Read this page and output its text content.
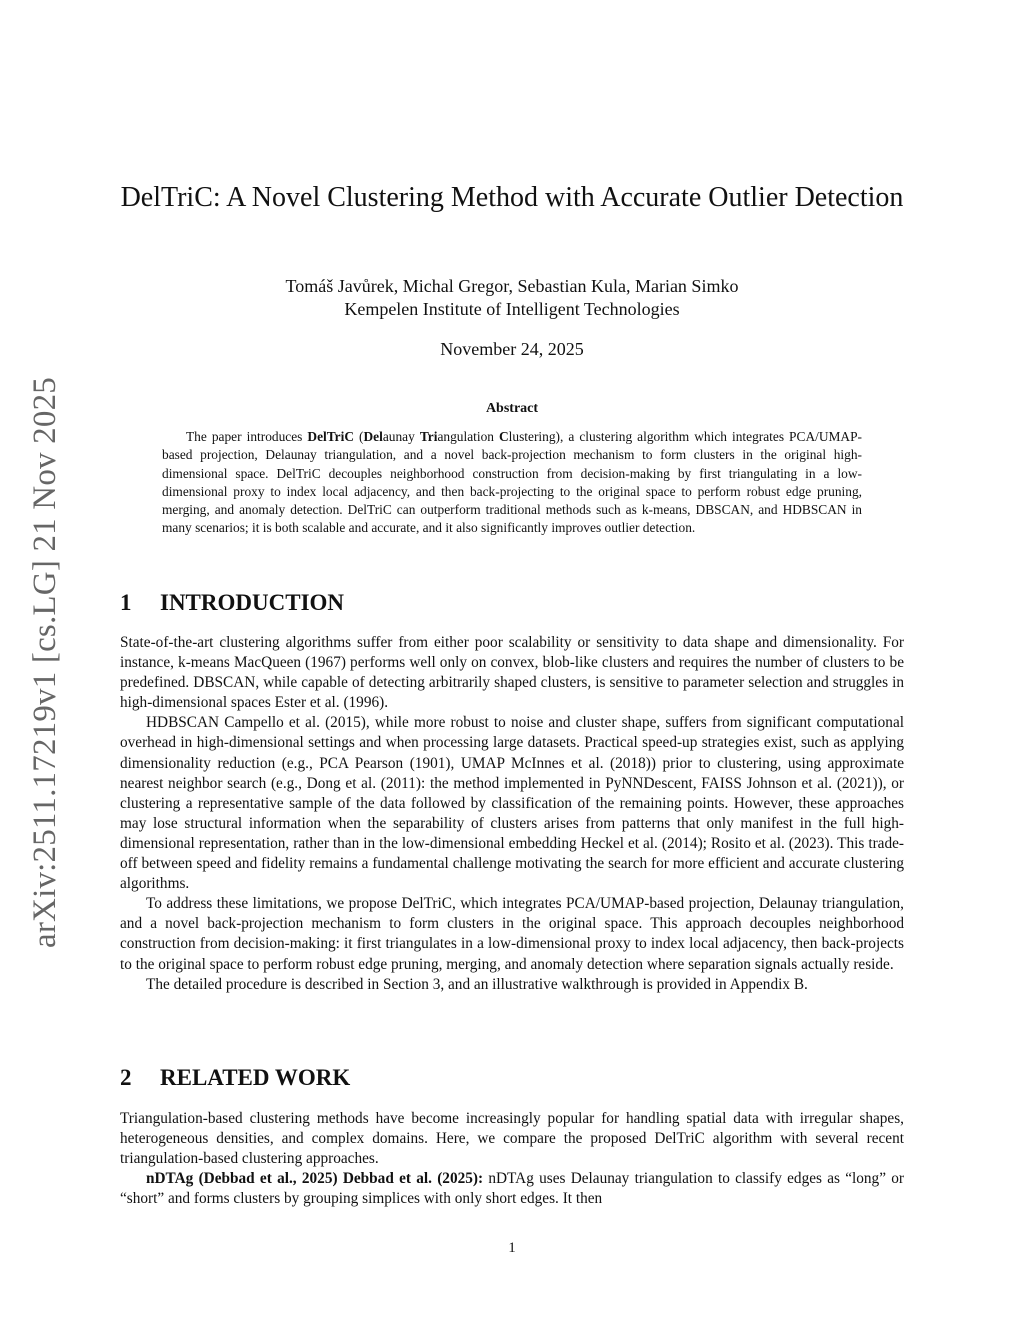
arXiv:2511.17219v1 [cs.LG] 21 Nov 2025
DelTriC: A Novel Clustering Method with Accurate Outlier Detection
Tomáš Javůrek, Michal Gregor, Sebastian Kula, Marian Simko
Kempelen Institute of Intelligent Technologies
November 24, 2025
Abstract

The paper introduces DelTriC (Delaunay Triangulation Clustering), a clustering algorithm which integrates PCA/UMAP-based projection, Delaunay triangulation, and a novel back-projection mechanism to form clusters in the original high-dimensional space. DelTriC decouples neighborhood construction from decision-making by first triangulating in a low-dimensional proxy to index local adjacency, and then back-projecting to the original space to perform robust edge pruning, merging, and anomaly detection. DelTriC can outperform traditional methods such as k-means, DBSCAN, and HDBSCAN in many scenarios; it is both scalable and accurate, and it also significantly improves outlier detection.

1 INTRODUCTION

State-of-the-art clustering algorithms suffer from either poor scalability or sensitivity to data shape and dimensionality. For instance, k-means MacQueen (1967) performs well only on convex, blob-like clusters and requires the number of clusters to be predefined. DBSCAN, while capable of detecting arbitrarily shaped clusters, is sensitive to parameter selection and struggles in high-dimensional spaces Ester et al. (1996).

HDBSCAN Campello et al. (2015), while more robust to noise and cluster shape, suffers from significant computational overhead in high-dimensional settings and when processing large datasets. Practical speed-up strategies exist, such as applying dimensionality reduction (e.g., PCA Pearson (1901), UMAP McInnes et al. (2018)) prior to clustering, using approximate nearest neighbor search (e.g., Dong et al. (2011): the method implemented in PyNNDescent, FAISS Johnson et al. (2021)), or clustering a representative sample of the data followed by classification of the remaining points. However, these approaches may lose structural information when the separability of clusters arises from patterns that only manifest in the full high-dimensional representation, rather than in the low-dimensional embedding Heckel et al. (2014); Rosito et al. (2023). This trade-off between speed and fidelity remains a fundamental challenge motivating the search for more efficient and accurate clustering algorithms.

To address these limitations, we propose DelTriC, which integrates PCA/UMAP-based projection, Delaunay triangulation, and a novel back-projection mechanism to form clusters in the original space. This approach decouples neighborhood construction from decision-making: it first triangulates in a low-dimensional proxy to index local adjacency, then back-projects to the original space to perform robust edge pruning, merging, and anomaly detection where separation signals actually reside.

The detailed procedure is described in Section 3, and an illustrative walkthrough is provided in Appendix B.

2 RELATED WORK

Triangulation-based clustering methods have become increasingly popular for handling spatial data with irregular shapes, heterogeneous densities, and complex domains. Here, we compare the proposed DelTriC algorithm with several recent triangulation-based clustering approaches.

nDTAg (Debbad et al., 2025) Debbad et al. (2025): nDTAg uses Delaunay triangulation to classify edges as “long” or “short” and forms clusters by grouping simplices with only short edges. It then

1
